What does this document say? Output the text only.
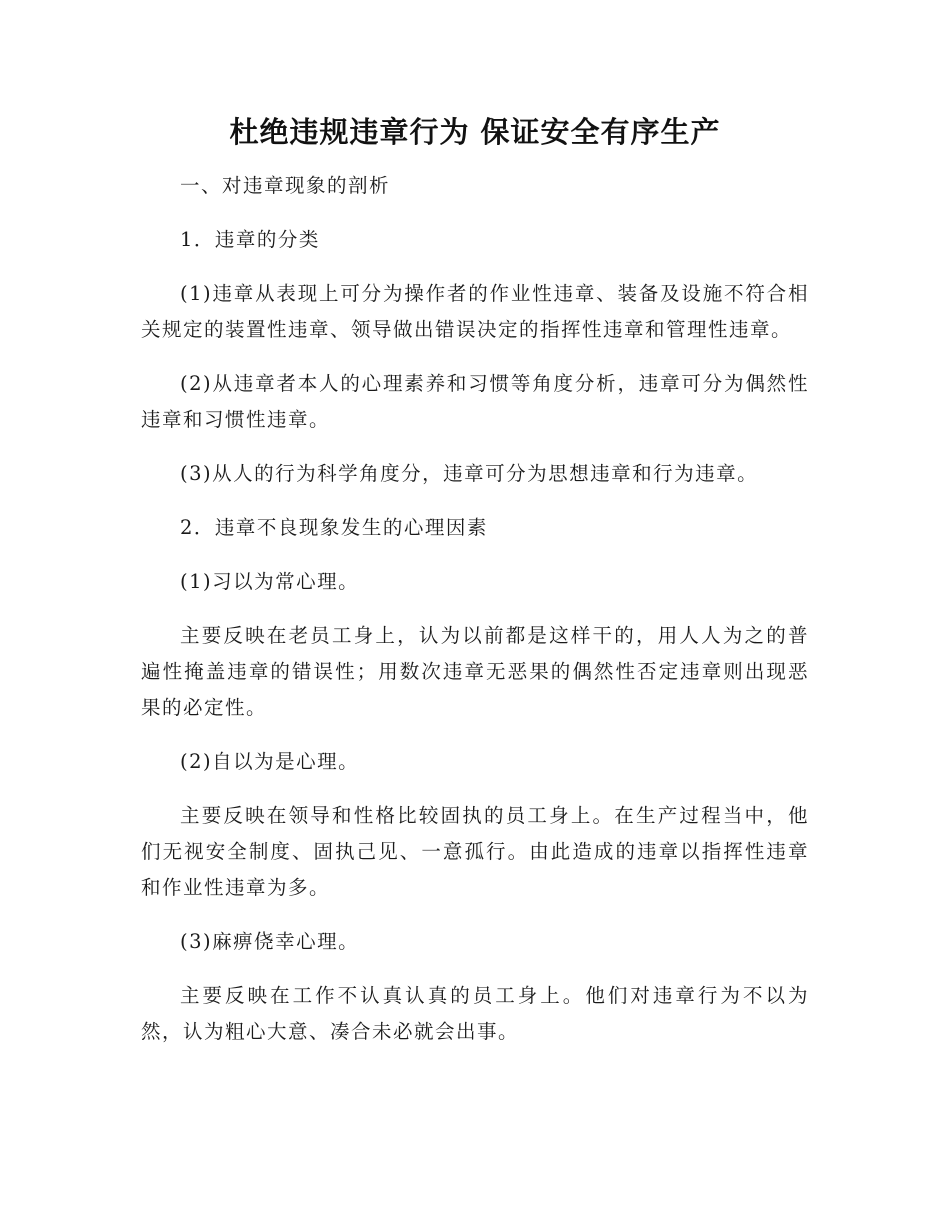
杜绝违规违章行为 保证安全有序生产

一、对违章现象的剖析

1．违章的分类

(1)违章从表现上可分为操作者的作业性违章、装备及设施不符合相关规定的装置性违章、领导做出错误决定的指挥性违章和管理性违章。

(2)从违章者本人的心理素养和习惯等角度分析，违章可分为偶然性违章和习惯性违章。

(3)从人的行为科学角度分，违章可分为思想违章和行为违章。

2．违章不良现象发生的心理因素

(1)习以为常心理。

主要反映在老员工身上，认为以前都是这样干的，用人人为之的普遍性掩盖违章的错误性；用数次违章无恶果的偶然性否定违章则出现恶果的必定性。

(2)自以为是心理。

主要反映在领导和性格比较固执的员工身上。在生产过程当中，他们无视安全制度、固执己见、一意孤行。由此造成的违章以指挥性违章和作业性违章为多。

(3)麻痹侥幸心理。

主要反映在工作不认真认真的员工身上。他们对违章行为不以为然，认为粗心大意、凑合未必就会出事。
